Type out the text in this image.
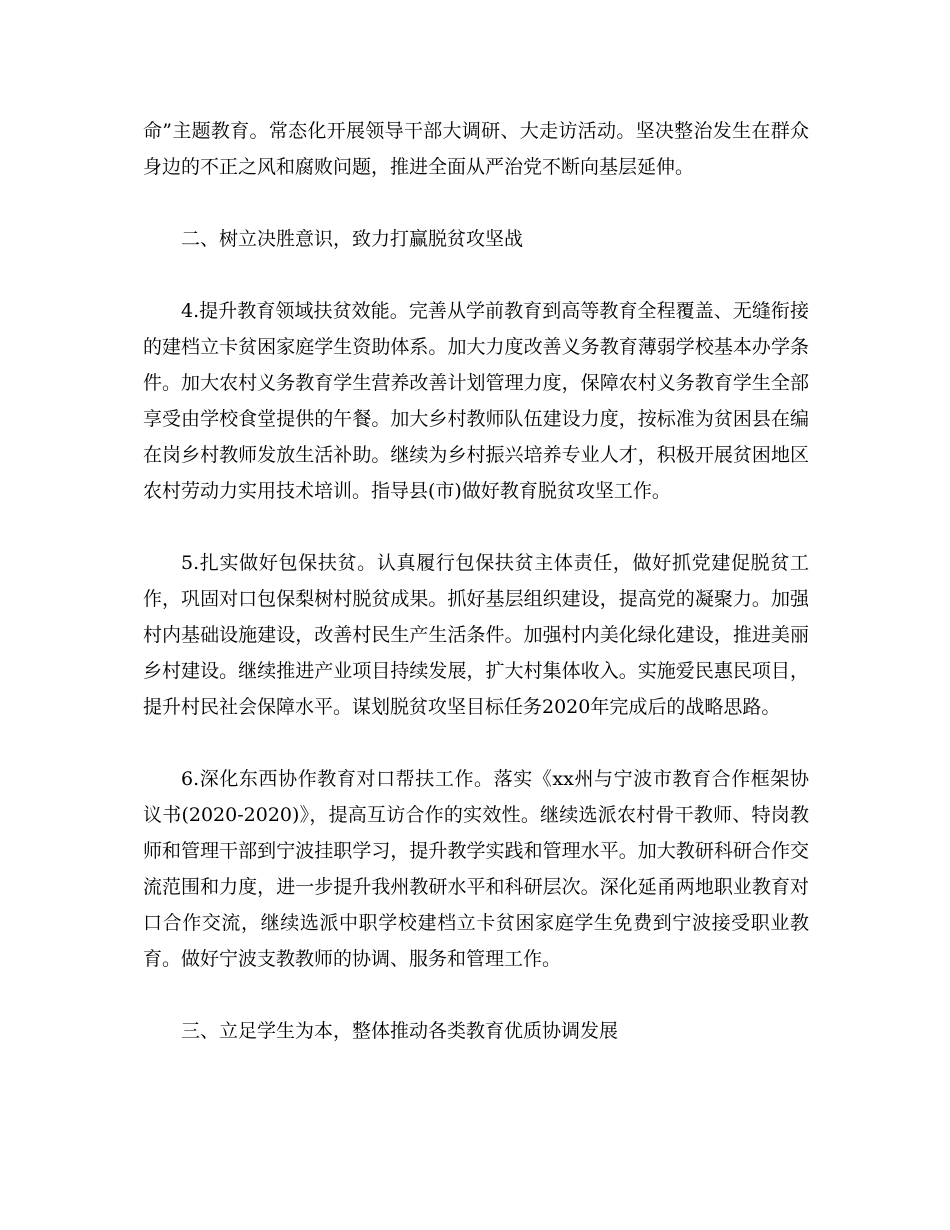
命”主题教育。常态化开展领导干部大调研、大走访活动。坚决整治发生在群众身边的不正之风和腐败问题，推进全面从严治党不断向基层延伸。

二、树立决胜意识，致力打赢脱贫攻坚战

4.提升教育领域扶贫效能。完善从学前教育到高等教育全程覆盖、无缝衔接的建档立卡贫困家庭学生资助体系。加大力度改善义务教育薄弱学校基本办学条件。加大农村义务教育学生营养改善计划管理力度，保障农村义务教育学生全部享受由学校食堂提供的午餐。加大乡村教师队伍建设力度，按标准为贫困县在编在岗乡村教师发放生活补助。继续为乡村振兴培养专业人才，积极开展贫困地区农村劳动力实用技术培训。指导县(市)做好教育脱贫攻坚工作。

5.扎实做好包保扶贫。认真履行包保扶贫主体责任，做好抓党建促脱贫工作，巩固对口包保梨树村脱贫成果。抓好基层组织建设，提高党的凝聚力。加强村内基础设施建设，改善村民生产生活条件。加强村内美化绿化建设，推进美丽乡村建设。继续推进产业项目持续发展，扩大村集体收入。实施爱民惠民项目，提升村民社会保障水平。谋划脱贫攻坚目标任务2020年完成后的战略思路。

6.深化东西协作教育对口帮扶工作。落实《xx州与宁波市教育合作框架协议书(2020-2020)》，提高互访合作的实效性。继续选派农村骨干教师、特岗教师和管理干部到宁波挂职学习，提升教学实践和管理水平。加大教研科研合作交流范围和力度，进一步提升我州教研水平和科研层次。深化延甬两地职业教育对口合作交流，继续选派中职学校建档立卡贫困家庭学生免费到宁波接受职业教育。做好宁波支教教师的协调、服务和管理工作。

三、立足学生为本，整体推动各类教育优质协调发展
